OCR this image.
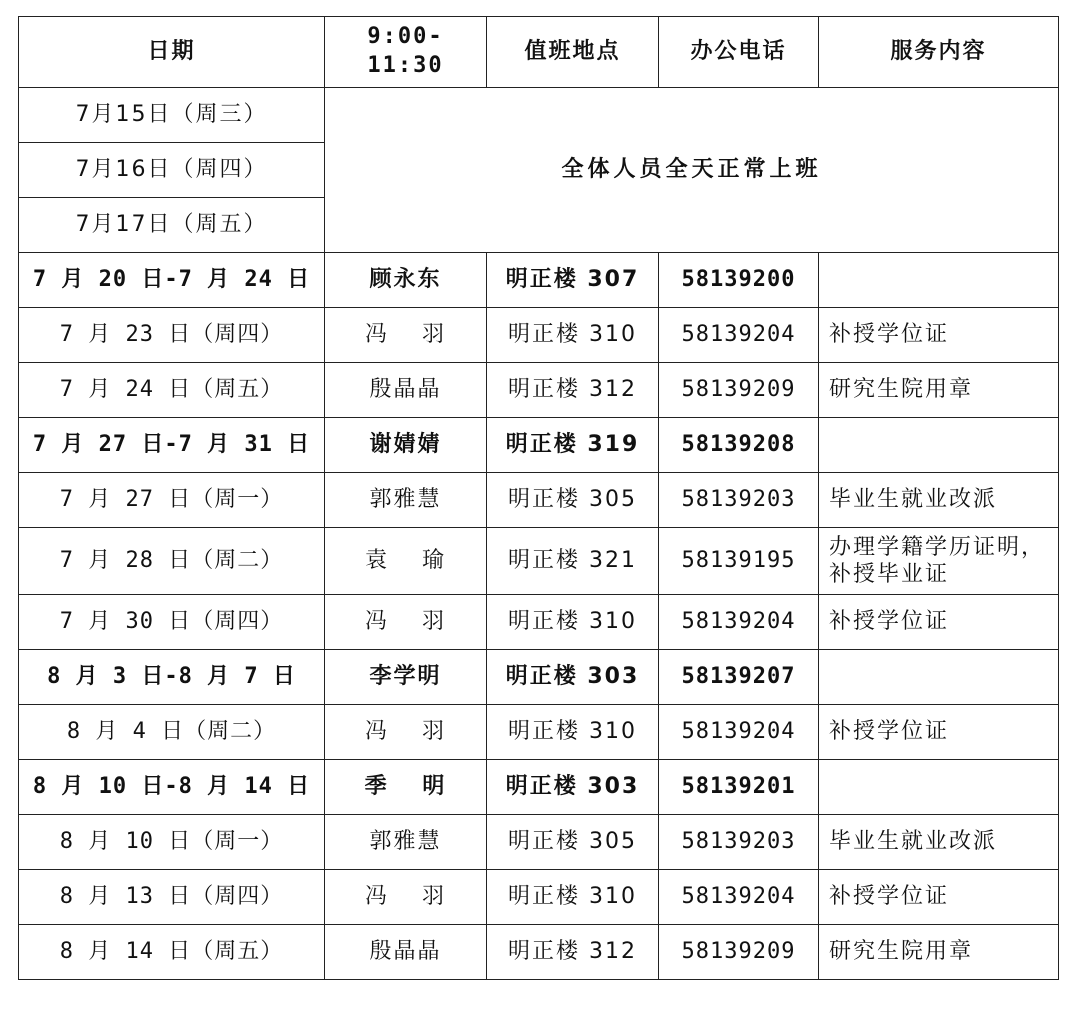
日期	9:00-
11:30	值班地点	办公电话	服务内容
7月15日（周三）	全体人员全天正常上班			
7月16日（周四）				
7月17日（周五）				
7 月 20 日-7 月 24 日	顾永东	明正楼 307	58139200	
7 月 23 日（周四）	冯　 羽	明正楼 310	58139204	补授学位证
7 月 24 日（周五）	殷晶晶	明正楼 312	58139209	研究生院用章
7 月 27 日-7 月 31 日	谢婧婧	明正楼 319	58139208	
7 月 27 日（周一）	郭雅慧	明正楼 305	58139203	毕业生就业改派
7 月 28 日（周二）	袁　 瑜	明正楼 321	58139195	办理学籍学历证明，补授毕业证
7 月 30 日（周四）	冯　 羽	明正楼 310	58139204	补授学位证
8 月 3 日-8 月 7 日	李学明	明正楼 303	58139207	
8 月 4 日（周二）	冯　 羽	明正楼 310	58139204	补授学位证
8 月 10 日-8 月 14 日	季　 明	明正楼 303	58139201	
8 月 10 日（周一）	郭雅慧	明正楼 305	58139203	毕业生就业改派
8 月 13 日（周四）	冯　 羽	明正楼 310	58139204	补授学位证
8 月 14 日（周五）	殷晶晶	明正楼 312	58139209	研究生院用章
